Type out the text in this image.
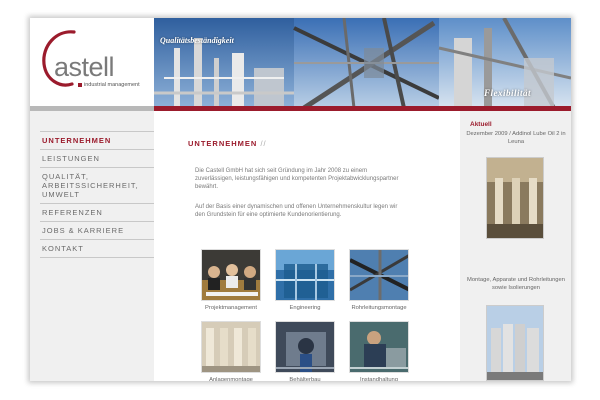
astell
industrial management
Qualitätsbeständigkeit
Flexibilität
UNTERNEHMEN
LEISTUNGEN
QUALITÄT, ARBEITSSICHERHEIT, UMWELT
REFERENZEN
JOBS & KARRIERE
KONTAKT
UNTERNEHMEN //

Die Castell GmbH hat sich seit Gründung im Jahr 2008 zu einem zuverlässigen, leistungsfähigen und kompetenten Projektabwicklungspartner bewährt.

Auf der Basis einer dynamischen und offenen Unternehmenskultur legen wir den Grundstein für eine optimierte Kundenorientierung.

Projektmanagement	Engineering	Rohrleitungsmontage
Anlagenmontage	Behälterbau	Instandhaltung
Aktuell
Dezember 2009 / Addinol Lube Oil 2 in Leuna
Montage, Apparate und Rohrleitungen sowie Isolierungen
